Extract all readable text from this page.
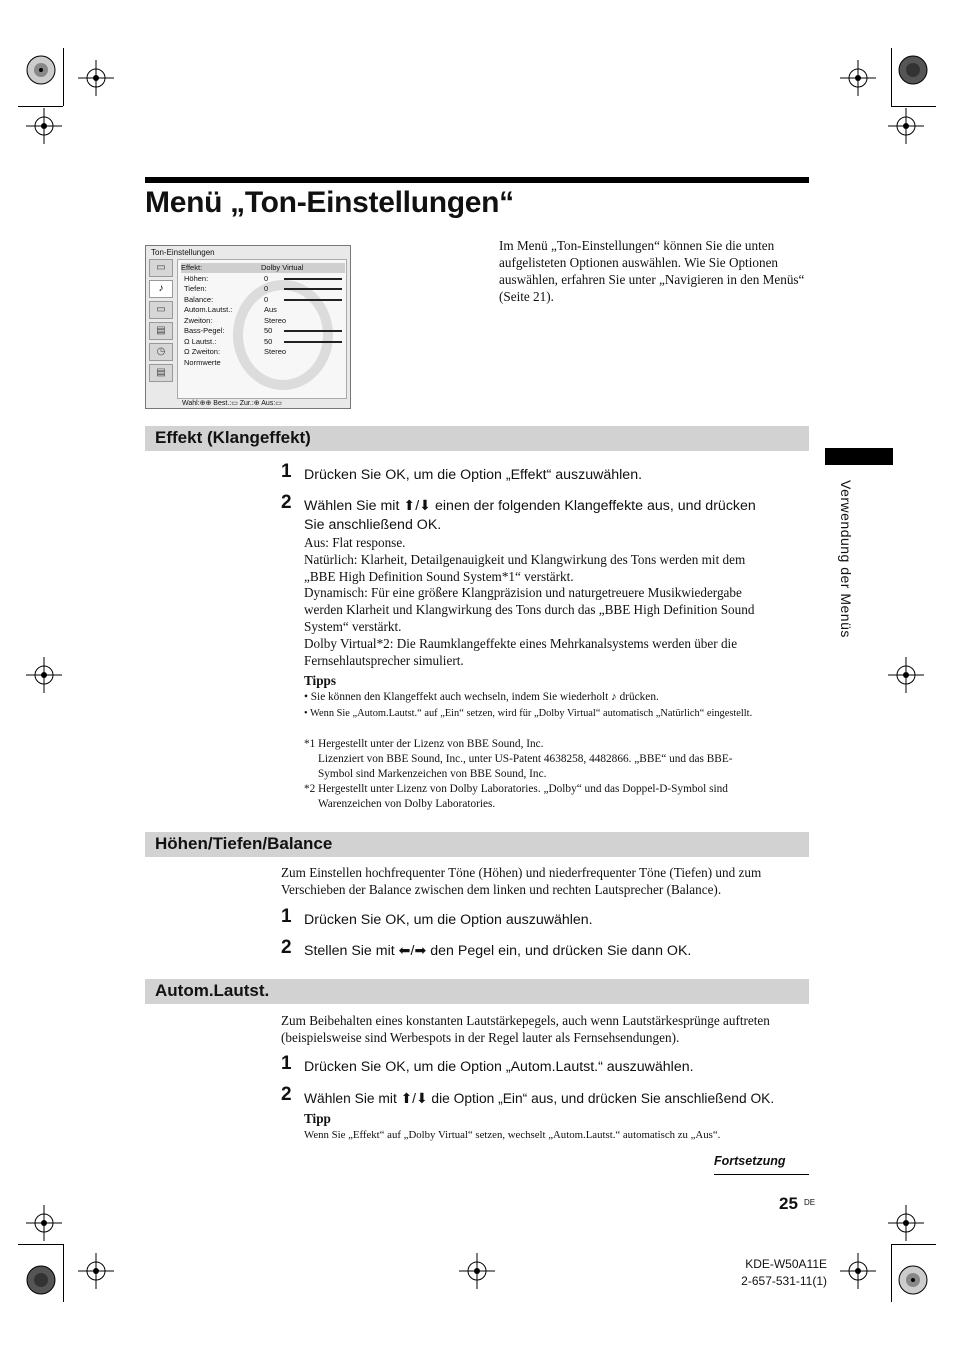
Menü „Ton-Einstellungen“
Ton-Einstellungen
▭
♪
▭
▤
◷
▤
Effekt:	Dolby Virtual
Höhen:	0
Tiefen:	0
Balance:	0
Autom.Lautst.:	Aus
Zweiton:	Stereo
Bass-Pegel:	50
Ω Lautst.:	50
Ω Zweiton:	Stereo
Normwerte
Wahl:⊕⊕ Best.:▭ Zur.:⊕ Aus:▭

Im Menü „Ton-Einstellungen“ können Sie die unten aufgelisteten Optionen auswählen. Wie Sie Optionen auswählen, erfahren Sie unter „Navigieren in den Menüs“ (Seite 21).

Effekt (Klangeffekt)
1 Drücken Sie OK, um die Option „Effekt“ auszuwählen.
2 Wählen Sie mit ⬆/⬇ einen der folgenden Klangeffekte aus, und drücken
Sie anschließend OK.
Aus: Flat response.
Natürlich: Klarheit, Detailgenauigkeit und Klangwirkung des Tons werden mit dem
„BBE High Definition Sound System*1“ verstärkt.
Dynamisch: Für eine größere Klangpräzision und naturgetreuere Musikwiedergabe
werden Klarheit und Klangwirkung des Tons durch das „BBE High Definition Sound
System“ verstärkt.
Dolby Virtual*2: Die Raumklangeffekte eines Mehrkanalsystems werden über die
Fernsehlautsprecher simuliert.
Tipps
• Sie können den Klangeffekt auch wechseln, indem Sie wiederholt ♪ drücken.
• Wenn Sie „Autom.Lautst.“ auf „Ein“ setzen, wird für „Dolby Virtual“ automatisch „Natürlich“ eingestellt.
*1 Hergestellt unter der Lizenz von BBE Sound, Inc.
Lizenziert von BBE Sound, Inc., unter US-Patent 4638258, 4482866. „BBE“ und das BBE-
Symbol sind Markenzeichen von BBE Sound, Inc.
*2 Hergestellt unter Lizenz von Dolby Laboratories. „Dolby“ und das Doppel-D-Symbol sind
Warenzeichen von Dolby Laboratories.
Höhen/Tiefen/Balance
Zum Einstellen hochfrequenter Töne (Höhen) und niederfrequenter Töne (Tiefen) und zum
Verschieben der Balance zwischen dem linken und rechten Lautsprecher (Balance).
1 Drücken Sie OK, um die Option auszuwählen.
2 Stellen Sie mit ⬅/➡ den Pegel ein, und drücken Sie dann OK.
Autom.Lautst.
Zum Beibehalten eines konstanten Lautstärkepegels, auch wenn Lautstärkesprünge auftreten
(beispielsweise sind Werbespots in der Regel lauter als Fernsehsendungen).
1 Drücken Sie OK, um die Option „Autom.Lautst.“ auszuwählen.
2 Wählen Sie mit ⬆/⬇ die Option „Ein“ aus, und drücken Sie anschließend OK.
Tipp
Wenn Sie „Effekt“ auf „Dolby Virtual“ setzen, wechselt „Autom.Lautst.“ automatisch zu „Aus“.
Verwendung der Menüs
Fortsetzung
25 DE
KDE-W50A11E
2-657-531-11(1)
